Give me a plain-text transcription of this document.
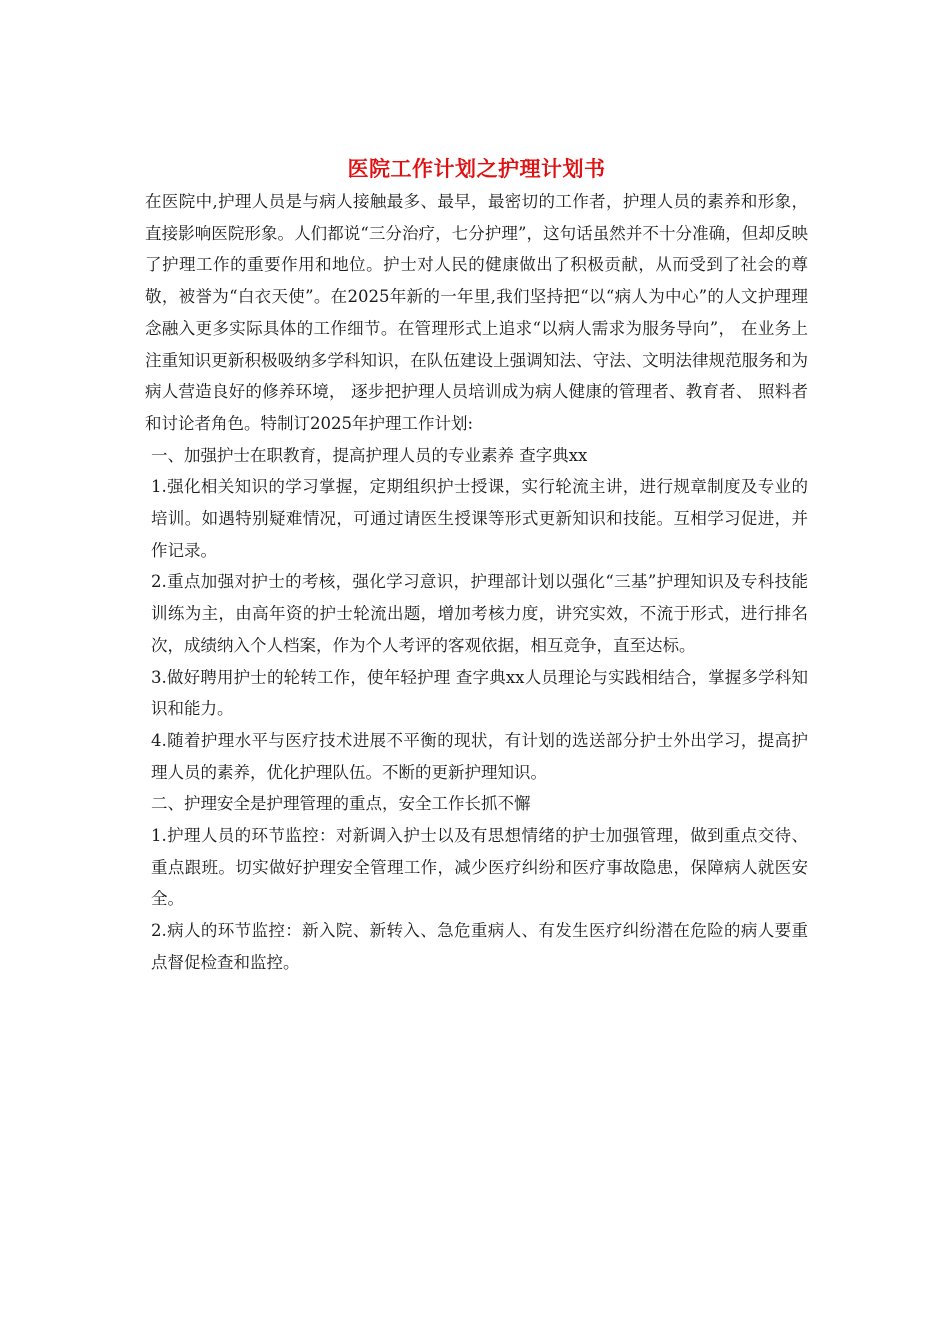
医院工作计划之护理计划书

在医院中,护理人员是与病人接触最多、最早，最密切的工作者，护理人员的素养和形象，直接影响医院形象。人们都说“三分治疗，七分护理”，这句话虽然并不十分准确，但却反映了护理工作的重要作用和地位。护士对人民的健康做出了积极贡献，从而受到了社会的尊敬，被誉为“白衣天使”。在2025年新的一年里,我们坚持把“以“病人为中心”的人文护理理念融入更多实际具体的工作细节。在管理形式上追求“以病人需求为服务导向”， 在业务上注重知识更新积极吸纳多学科知识，在队伍建设上强调知法、守法、文明法律规范服务和为病人营造良好的修养环境， 逐步把护理人员培训成为病人健康的管理者、教育者、 照料者和讨论者角色。特制订2025年护理工作计划:

一、加强护士在职教育，提高护理人员的专业素养 查字典xx

1.强化相关知识的学习掌握，定期组织护士授课，实行轮流主讲，进行规章制度及专业的培训。如遇特别疑难情况，可通过请医生授课等形式更新知识和技能。互相学习促进，并作记录。

2.重点加强对护士的考核，强化学习意识，护理部计划以强化“三基”护理知识及专科技能训练为主，由高年资的护士轮流出题，增加考核力度，讲究实效，不流于形式，进行排名次，成绩纳入个人档案，作为个人考评的客观依据，相互竞争，直至达标。

3.做好聘用护士的轮转工作，使年轻护理 查字典xx人员理论与实践相结合，掌握多学科知识和能力。

4.随着护理水平与医疗技术进展不平衡的现状，有计划的选送部分护士外出学习，提高护理人员的素养，优化护理队伍。不断的更新护理知识。

二、护理安全是护理管理的重点，安全工作长抓不懈

1.护理人员的环节监控：对新调入护士以及有思想情绪的护士加强管理，做到重点交待、重点跟班。切实做好护理安全管理工作，减少医疗纠纷和医疗事故隐患，保障病人就医安全。

2.病人的环节监控：新入院、新转入、急危重病人、有发生医疗纠纷潜在危险的病人要重点督促检查和监控。
